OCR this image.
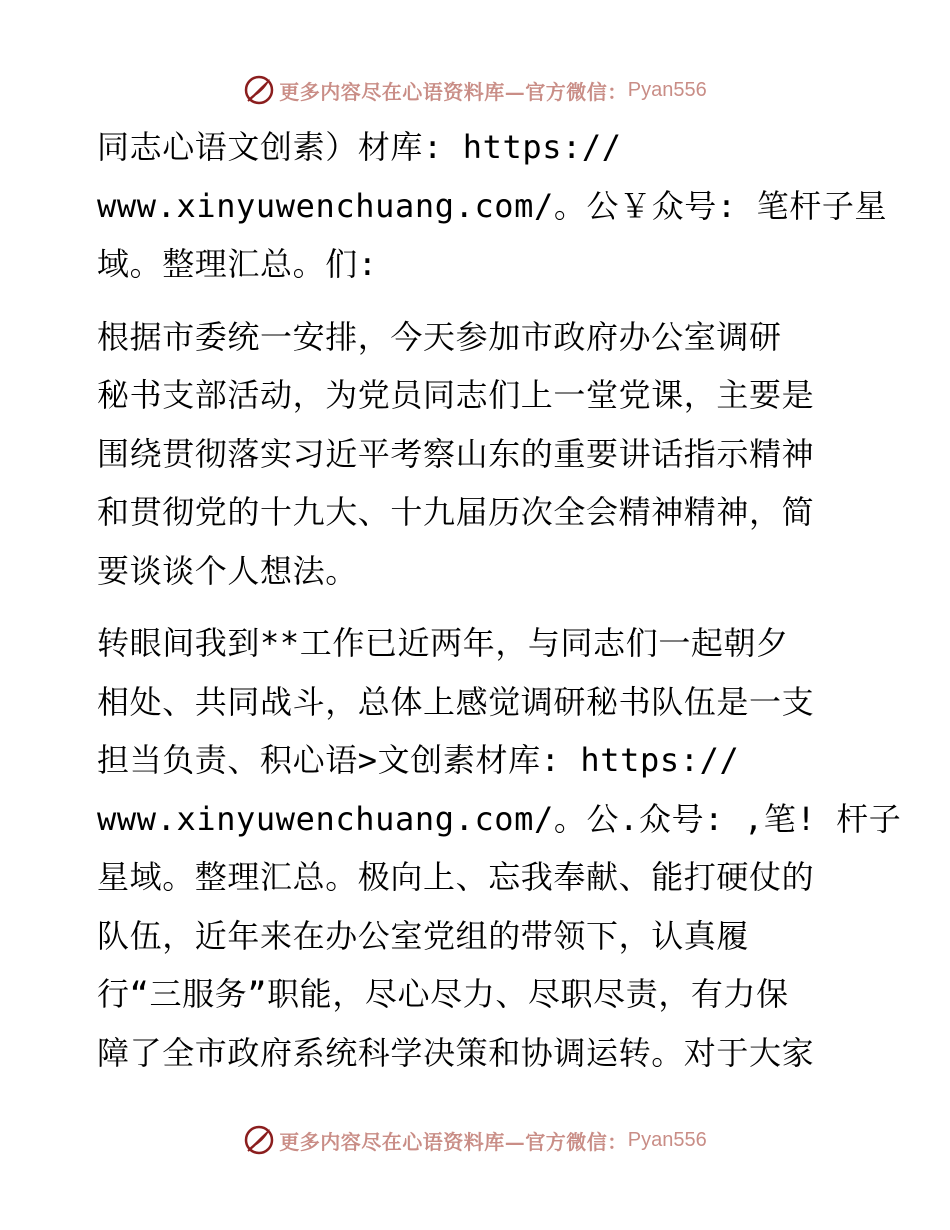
更多内容尽在心语资料库—官方微信： Pyan556
同志心语文创素）材库: https://
www.xinyuwenchuang.com/。公￥众号: 笔杆子星
域。整理汇总。们:
根据市委统一安排，今天参加市政府办公室调研
秘书支部活动，为党员同志们上一堂党课，主要是
围绕贯彻落实习近平考察山东的重要讲话指示精神
和贯彻党的十九大、十九届历次全会精神精神，简
要谈谈个人想法。
转眼间我到**工作已近两年，与同志们一起朝夕
相处、共同战斗，总体上感觉调研秘书队伍是一支
担当负责、积心语>文创素材库: https://
www.xinyuwenchuang.com/。公.众号: ,笔! 杆子
星域。整理汇总。极向上、忘我奉献、能打硬仗的
队伍，近年来在办公室党组的带领下，认真履
行“三服务”职能，尽心尽力、尽职尽责，有力保
障了全市政府系统科学决策和协调运转。对于大家
更多内容尽在心语资料库—官方微信： Pyan556
